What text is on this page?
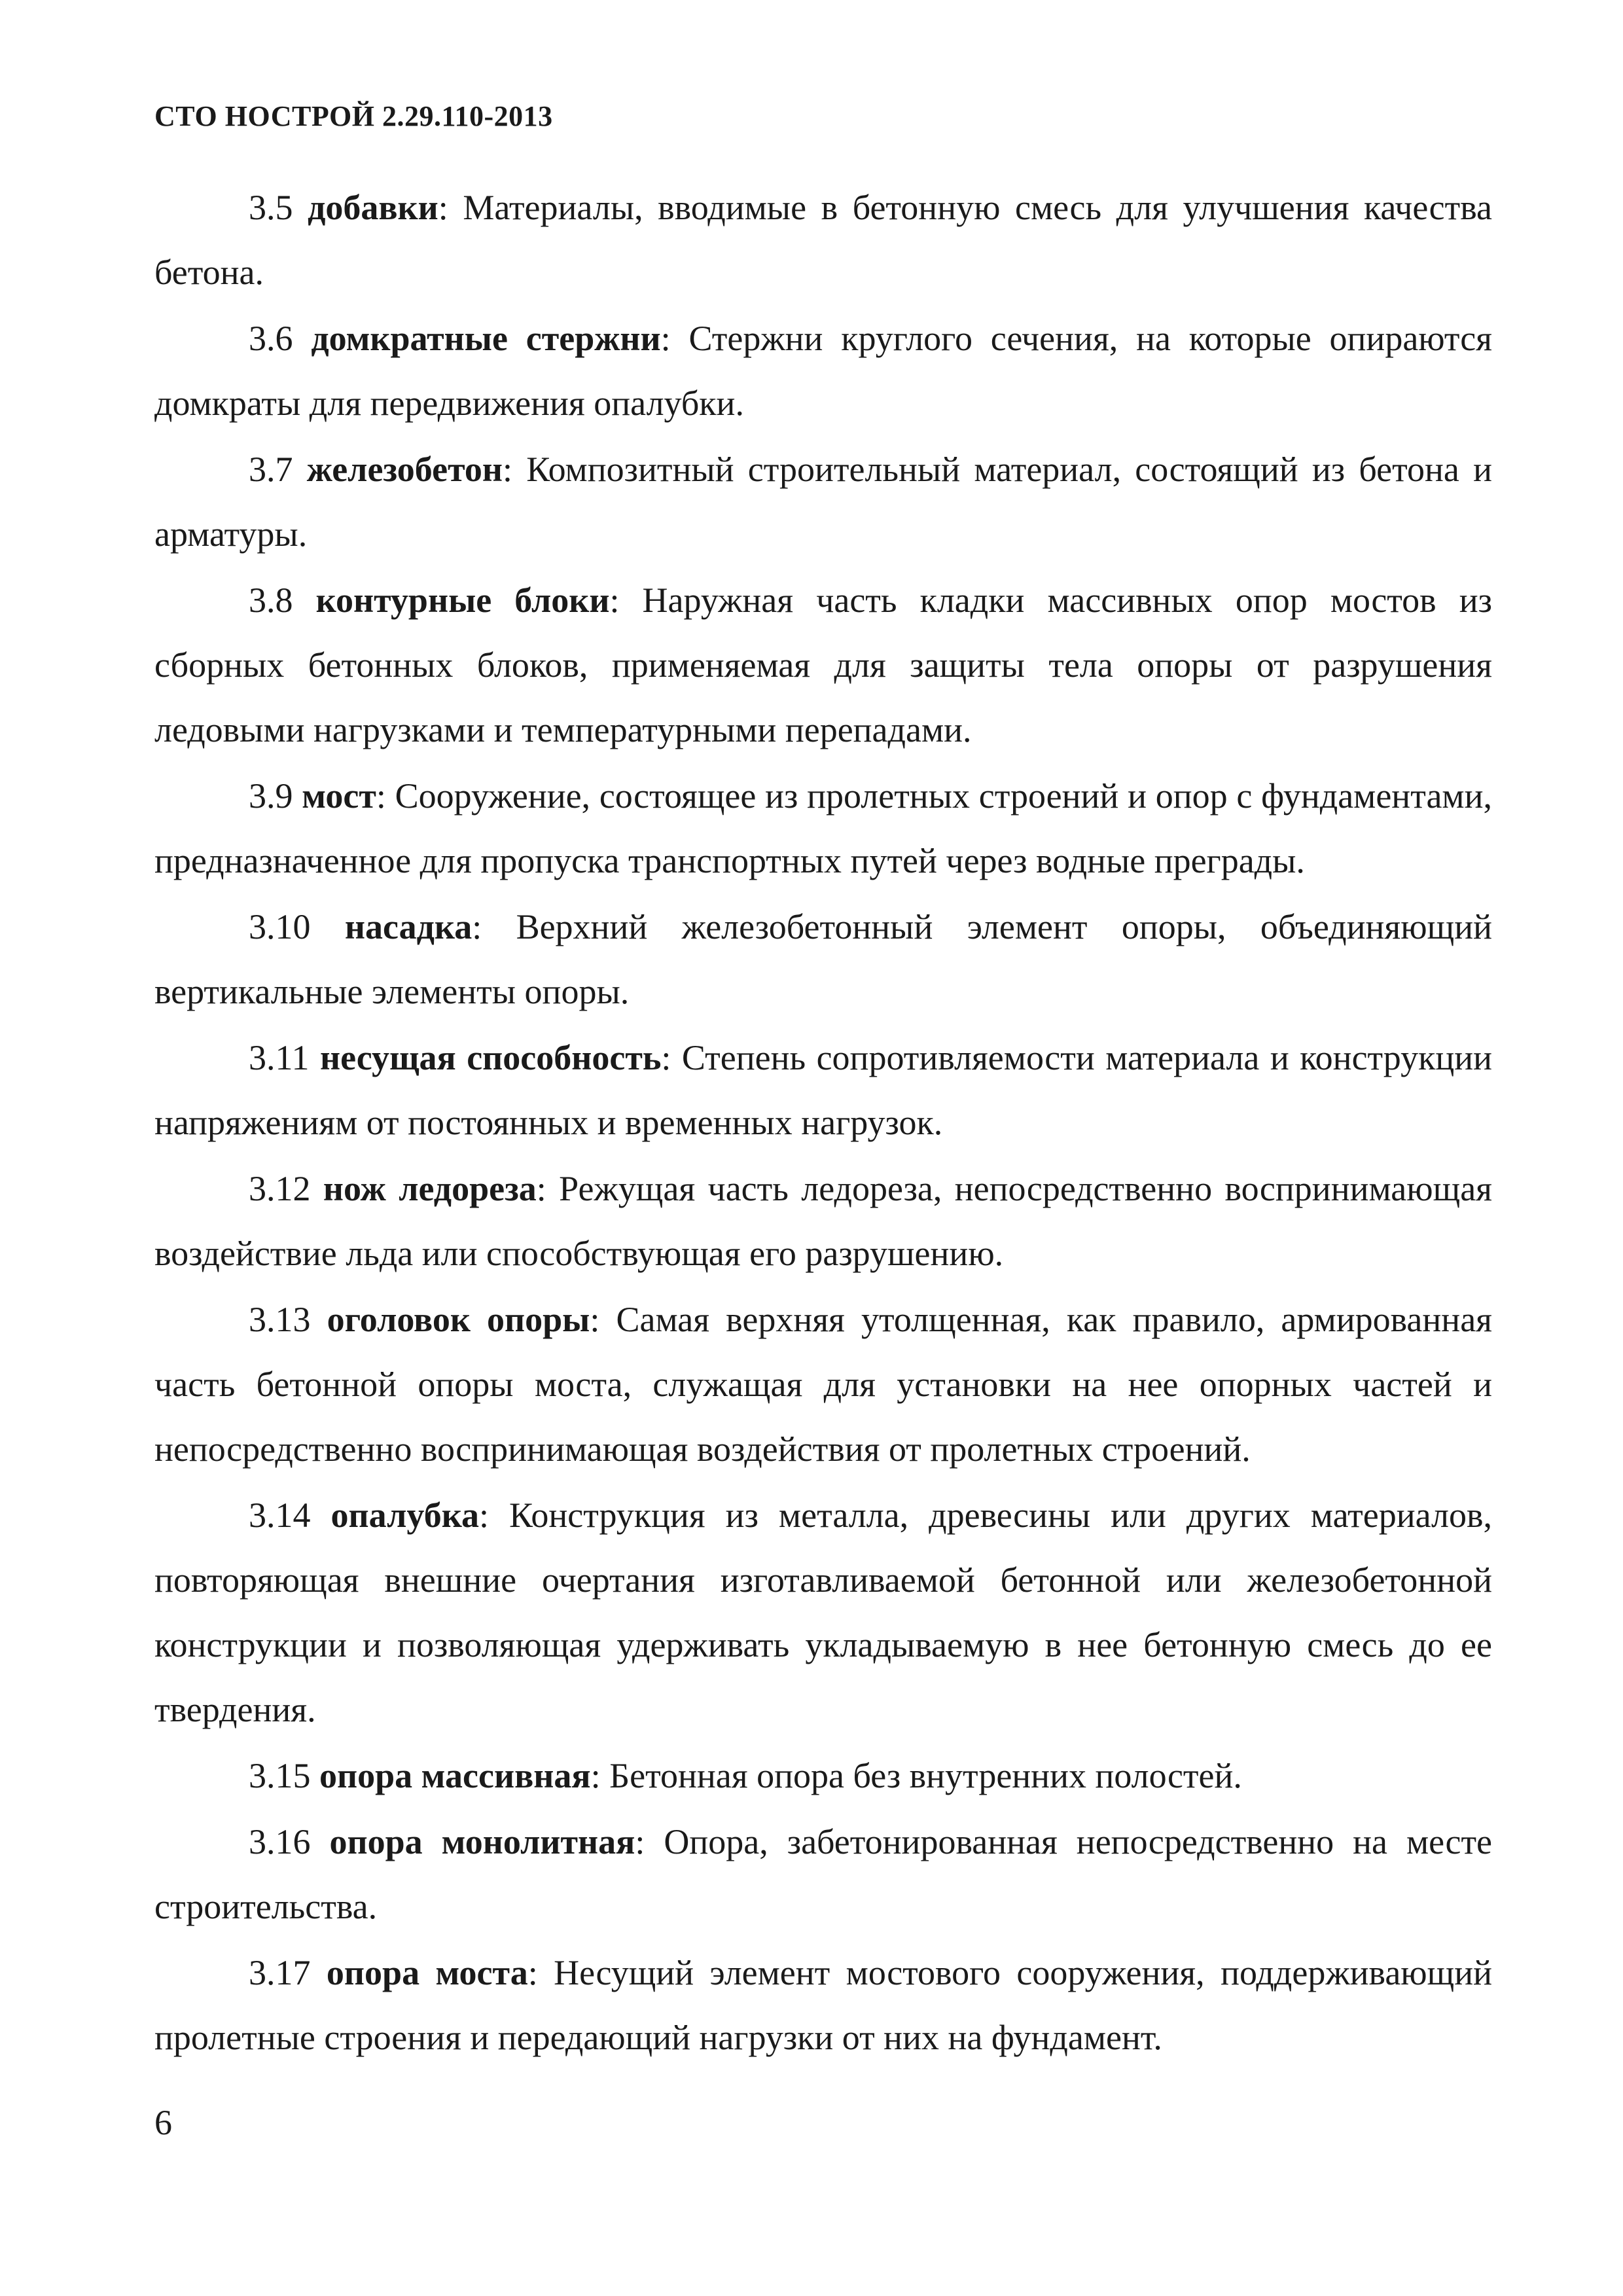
СТО НОСТРОЙ 2.29.110-2013
3.5 добавки: Материалы, вводимые в бетонную смесь для улучшения качества бетона.
3.6 домкратные стержни: Стержни круглого сечения, на которые опираются домкраты для передвижения опалубки.
3.7 железобетон: Композитный строительный материал, состоящий из бетона и арматуры.
3.8 контурные блоки: Наружная часть кладки массивных опор мостов из сборных бетонных блоков, применяемая для защиты тела опоры от разрушения ледовыми нагрузками и температурными перепадами.
3.9 мост: Сооружение, состоящее из пролетных строений и опор с фундаментами, предназначенное для пропуска транспортных путей через водные преграды.
3.10 насадка: Верхний железобетонный элемент опоры, объединяющий вертикальные элементы опоры.
3.11 несущая способность: Степень сопротивляемости материала и конструкции напряжениям от постоянных и временных нагрузок.
3.12 нож ледореза: Режущая часть ледореза, непосредственно воспринимающая воздействие льда или способствующая его разрушению.
3.13 оголовок опоры: Самая верхняя утолщенная, как правило, армированная часть бетонной опоры моста, служащая для установки на нее опорных частей и непосредственно воспринимающая воздействия от пролетных строений.
3.14 опалубка: Конструкция из металла, древесины или других материалов, повторяющая внешние очертания изготавливаемой бетонной или железобетонной конструкции и позволяющая удерживать укладываемую в нее бетонную смесь до ее твердения.
3.15 опора массивная: Бетонная опора без внутренних полостей.
3.16 опора монолитная: Опора, забетонированная непосредственно на месте строительства.
3.17 опора моста: Несущий элемент мостового сооружения, поддерживающий пролетные строения и передающий нагрузки от них на фундамент.
6
